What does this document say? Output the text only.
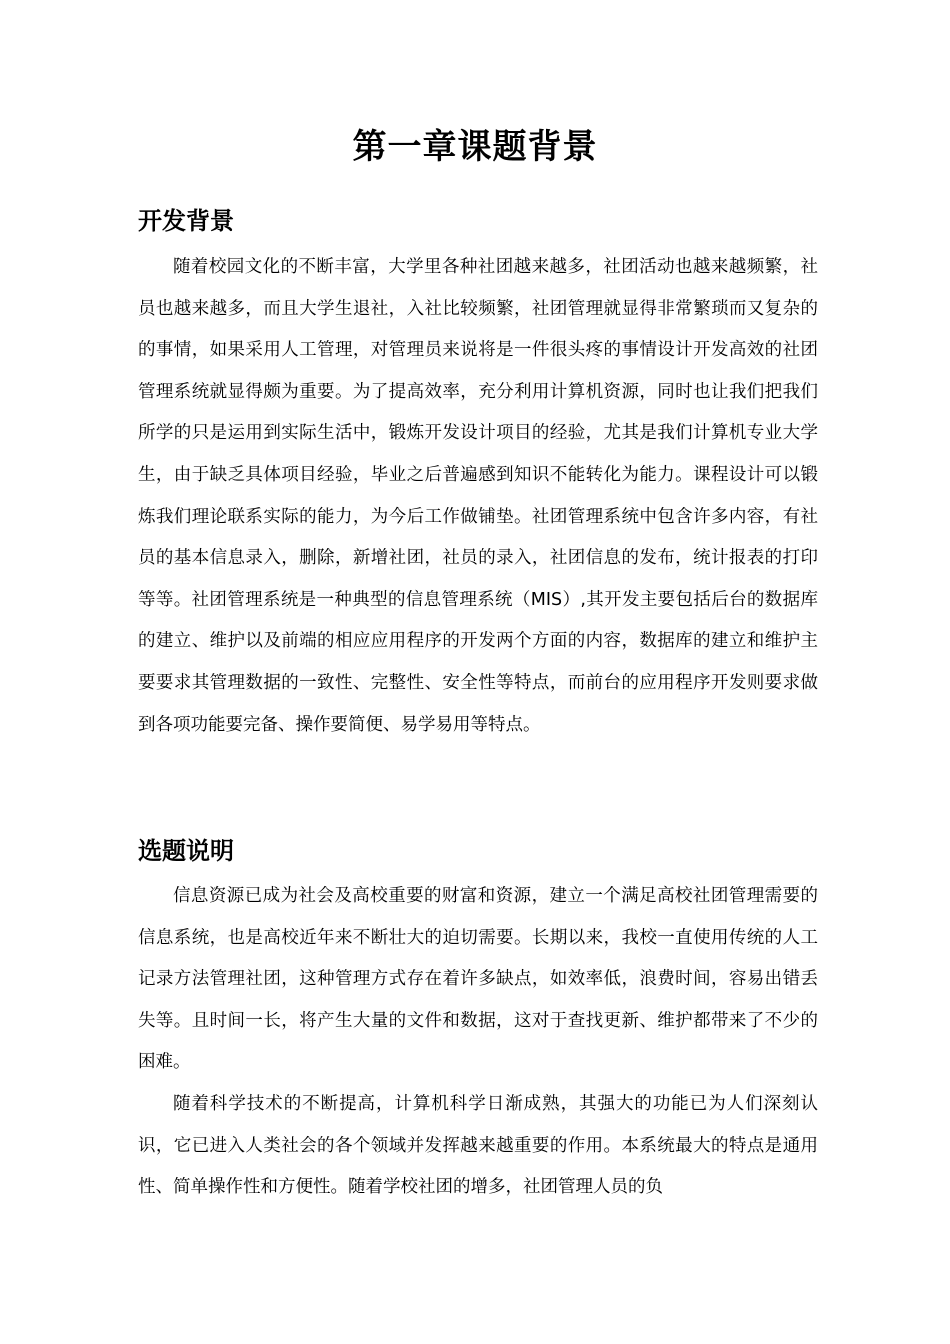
第一章课题背景
开发背景

随着校园文化的不断丰富，大学里各种社团越来越多，社团活动也越来越频繁，社员也越来越多，而且大学生退社，入社比较频繁，社团管理就显得非常繁琐而又复杂的的事情，如果采用人工管理，对管理员来说将是一件很头疼的事情设计开发高效的社团管理系统就显得颇为重要。为了提高效率，充分利用计算机资源，同时也让我们把我们所学的只是运用到实际生活中，锻炼开发设计项目的经验，尤其是我们计算机专业大学生，由于缺乏具体项目经验，毕业之后普遍感到知识不能转化为能力。课程设计可以锻炼我们理论联系实际的能力，为今后工作做铺垫。社团管理系统中包含许多内容，有社员的基本信息录入，删除，新增社团，社员的录入，社团信息的发布，统计报表的打印等等。社团管理系统是一种典型的信息管理系统（MIS）,其开发主要包括后台的数据库的建立、维护以及前端的相应应用程序的开发两个方面的内容，数据库的建立和维护主要要求其管理数据的一致性、完整性、安全性等特点，而前台的应用程序开发则要求做到各项功能要完备、操作要简便、易学易用等特点。

选题说明

信息资源已成为社会及高校重要的财富和资源，建立一个满足高校社团管理需要的信息系统，也是高校近年来不断壮大的迫切需要。长期以来，我校一直使用传统的人工记录方法管理社团，这种管理方式存在着许多缺点，如效率低，浪费时间，容易出错丢失等。且时间一长，将产生大量的文件和数据，这对于查找更新、维护都带来了不少的困难。

随着科学技术的不断提高，计算机科学日渐成熟，其强大的功能已为人们深刻认识，它已进入人类社会的各个领域并发挥越来越重要的作用。本系统最大的特点是通用性、简单操作性和方便性。随着学校社团的增多，社团管理人员的负
